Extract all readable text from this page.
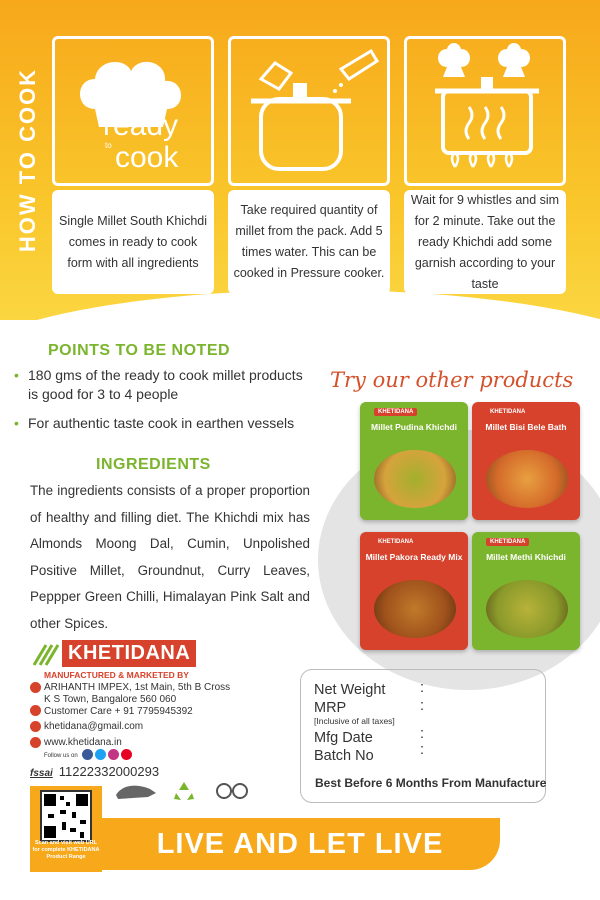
HOW TO COOK ready
to cook
Single Millet South Khichdi comes in ready to cook form with all ingredients
Take required quantity of millet from the pack. Add 5 times water. This can be cooked in Pressure cooker.
Wait for 9 whistles and sim for 2 minute. Take out the ready Khichdi add some garnish according to your taste
POINTS TO BE NOTED
• 180 gms of the ready to cook millet products is good for 3 to 4 people
• For authentic taste cook in earthen vessels
INGREDIENTS
The ingredients consists of a proper proportion of healthy and filling diet. The Khichdi mix has Almonds Moong Dal, Cumin, Unpolished Positive Millet, Groundnut, Curry Leaves, Peppper Green Chilli, Himalayan Pink Salt and other Spices.
Try our other products
KHETIDANA
Millet Pudina Khichdi
KHETIDANA
Millet Bisi Bele Bath
KHETIDANA
Millet Pakora Ready Mix
KHETIDANA
Millet Methi Khichdi
KHETIDANA
MANUFACTURED & MARKETED BY
ARIHANTH IMPEX, 1st Main, 5th B Cross
K S Town, Bangalore 560 060
Customer Care + 91 7795945392
khetidana@gmail.com
www.khetidana.in
Follow us on
fssai 11222332000293
Scan and visit web URL for complete KHETIDANA Product Range
Net Weight :
MRP	:
[Inclusive of all taxes]
Mfg Date	:
Batch No	:
Best Before 6 Months From Manufacture
LIVE AND LET LIVE
